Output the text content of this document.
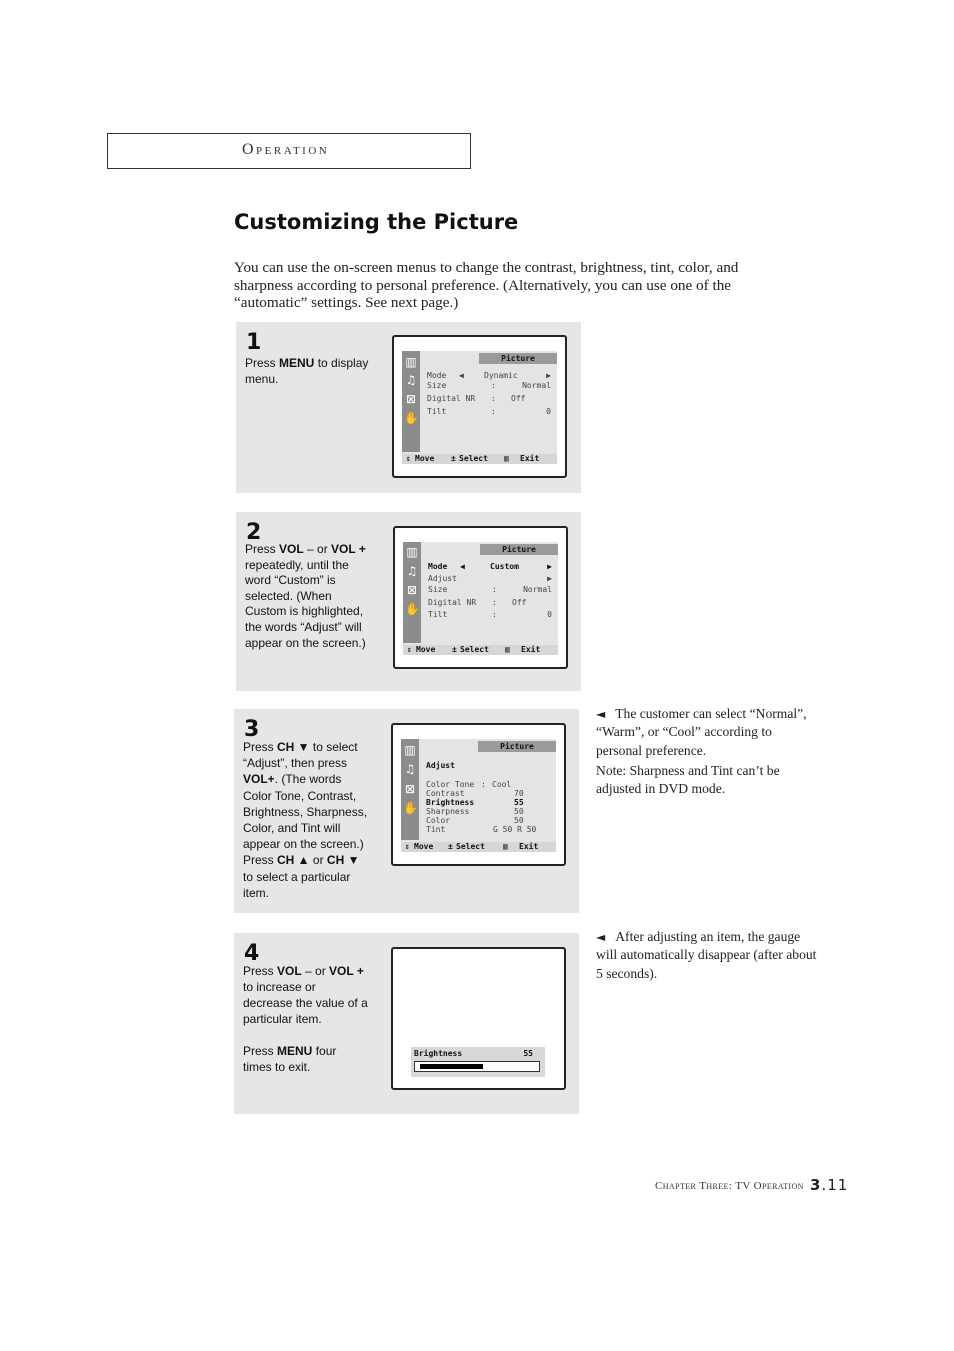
Operation
Customizing the Picture
You can use the on-screen menus to change the contrast, brightness, tint, color, and sharpness according to personal preference. (Alternatively, you can use one of the “automatic” settings. See next page.)
1
Press MENU to display menu.
▥
♫
⊠
✋
Picture
Mode ◀	Dynamic	▶
Size	:	Normal
Digital NR : Off
Tilt	:	0
⇕ Move ± Select ▥ Exit
2
Press VOL – or VOL + repeatedly, until the word “Custom” is selected. (When Custom is highlighted, the words “Adjust” will appear on the screen.)
▥
♫
⊠
✋
Picture
Mode ◀	Custom	▶
Adjust	▶
Size	:	Normal
Digital NR : Off
Tilt	:	0
⇕ Move ± Select ▥ Exit
3
Press CH ▼ to select “Adjust”, then press VOL+. (The words Color Tone, Contrast, Brightness, Sharpness, Color, and Tint will appear on the screen.) Press CH ▲ or CH ▼ to select a particular item.
▥
♫
⊠
✋
Picture
Adjust
Color Tone : Cool
Contrast	70
Brightness	55
Sharpness	50
Color	50
Tint	G 50 R 50
⇕ Move ± Select ▥ Exit
4
Press VOL – or VOL + to increase or decrease the value of a particular item.
Press MENU four times to exit.
Brightness	55
◄ The customer can select “Normal”, “Warm”, or “Cool” according to personal preference.
Note: Sharpness and Tint can’t be adjusted in DVD mode.
◄ After adjusting an item, the gauge will automatically disappear (after about 5 seconds).
Chapter Three: TV Operation 3.11
